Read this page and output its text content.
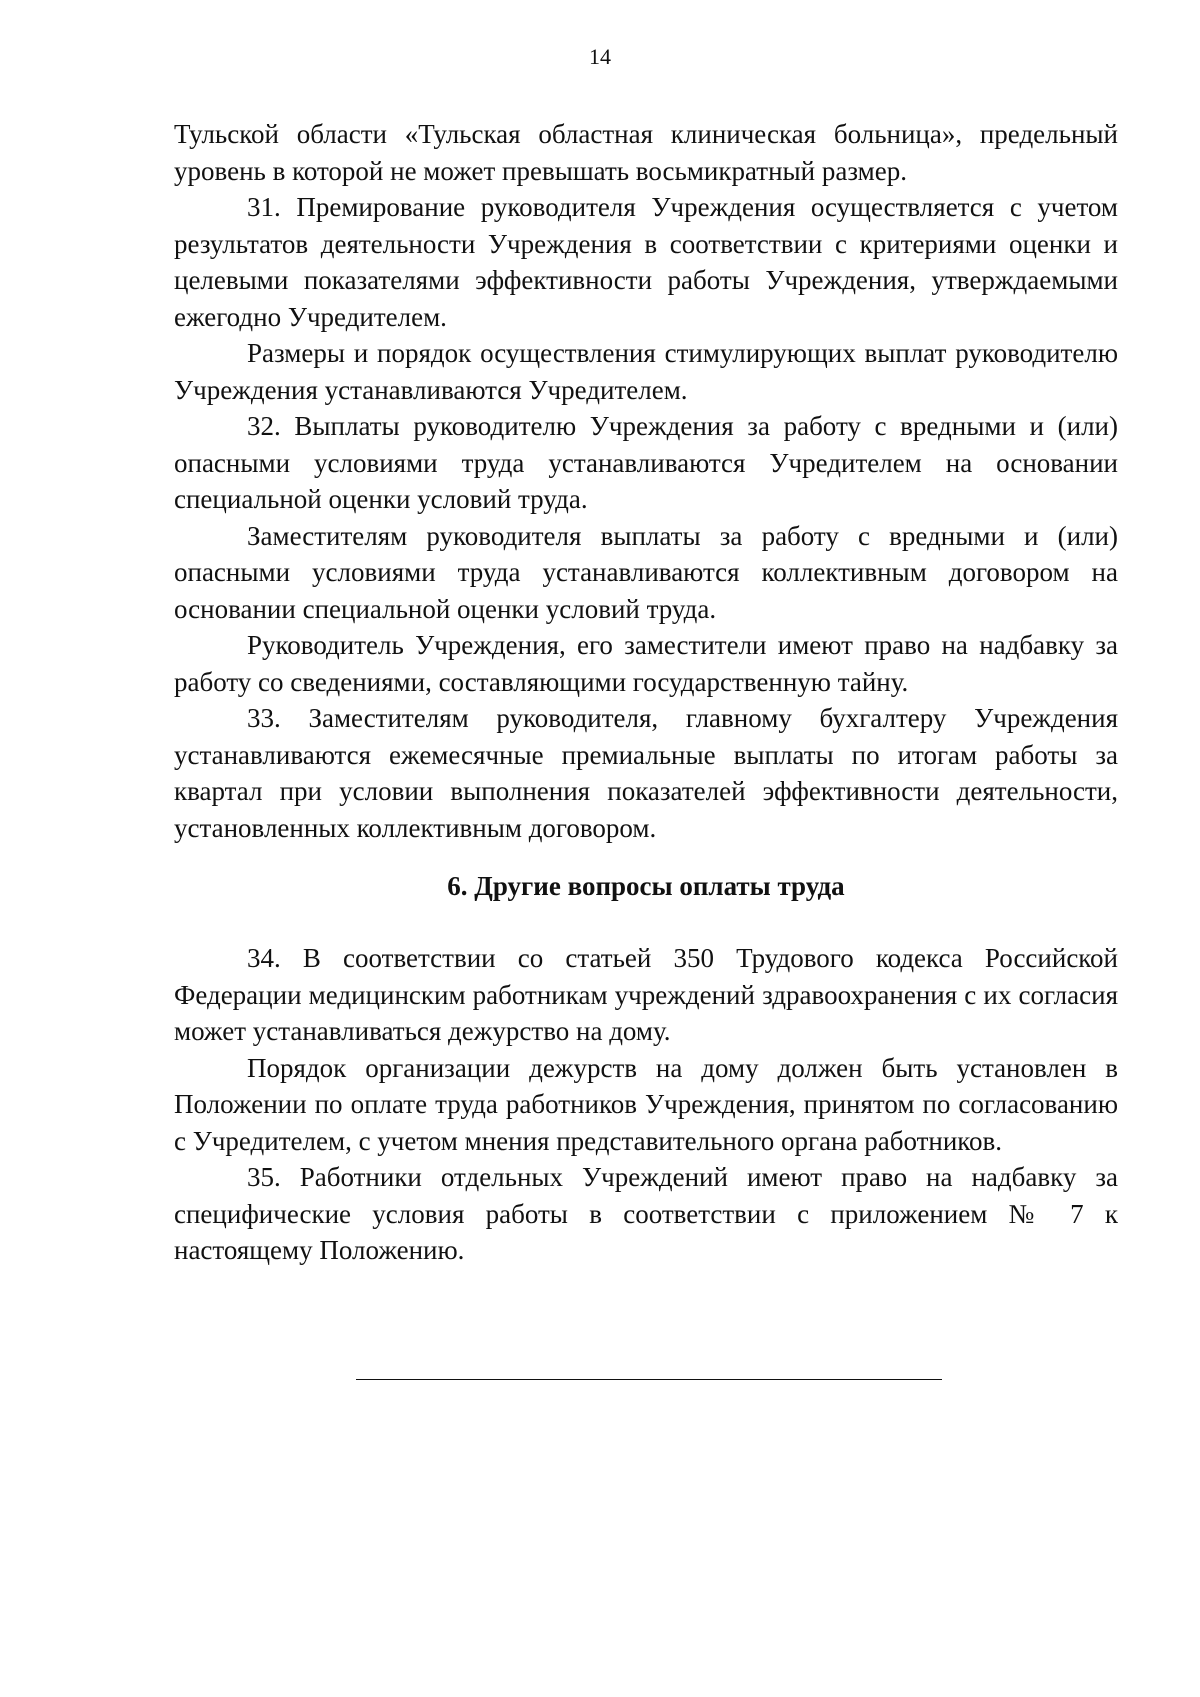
14

Тульской области «Тульская областная клиническая больница», предельный уровень в которой не может превышать восьмикратный размер.

31. Премирование руководителя Учреждения осуществляется с учетом результатов деятельности Учреждения в соответствии с критериями оценки и целевыми показателями эффективности работы Учреждения, утверждаемыми ежегодно Учредителем.

Размеры и порядок осуществления стимулирующих выплат руководителю Учреждения устанавливаются Учредителем.

32. Выплаты руководителю Учреждения за работу с вредными и (или) опасными условиями труда устанавливаются Учредителем на основании специальной оценки условий труда.

Заместителям руководителя выплаты за работу с вредными и (или) опасными условиями труда устанавливаются коллективным договором на основании специальной оценки условий труда.

Руководитель Учреждения, его заместители имеют право на надбавку за работу со сведениями, составляющими государственную тайну.

33. Заместителям руководителя, главному бухгалтеру Учреждения устанавливаются ежемесячные премиальные выплаты по итогам работы за квартал при условии выполнения показателей эффективности деятельности, установленных коллективным договором.

6. Другие вопросы оплаты труда

34. В соответствии со статьей 350 Трудового кодекса Российской Федерации медицинским работникам учреждений здравоохранения с их согласия может устанавливаться дежурство на дому.

Порядок организации дежурств на дому должен быть установлен в Положении по оплате труда работников Учреждения, принятом по согласованию с Учредителем, с учетом мнения представительного органа работников.

35. Работники отдельных Учреждений имеют право на надбавку за специфические условия работы в соответствии с приложением № 7 к настоящему Положению.
